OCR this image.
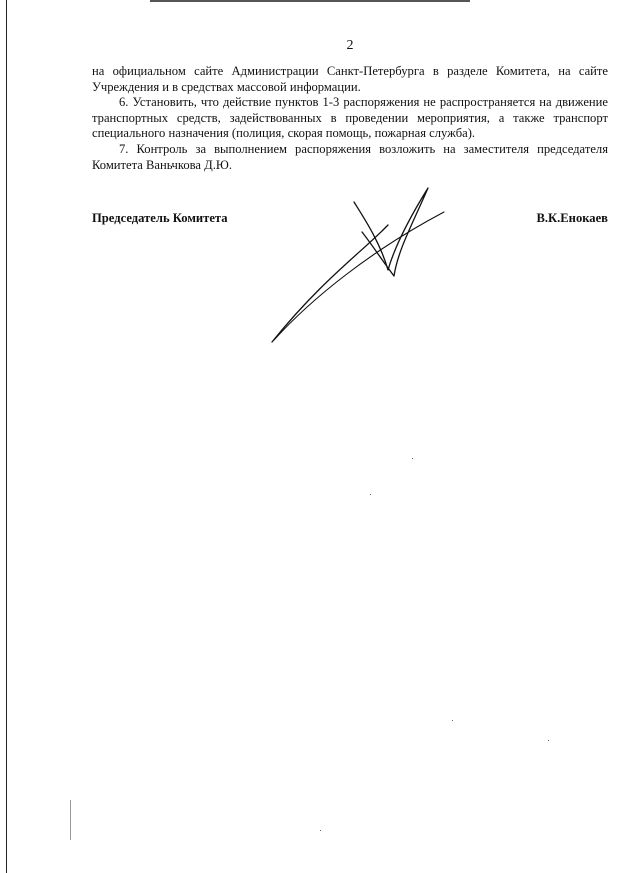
2

на официальном сайте Администрации Санкт-Петербурга в разделе Комитета, на сайте Учреждения и в средствах массовой информации.

6. Установить, что действие пунктов 1-3 распоряжения не распространяется на движение транспортных средств, задействованных в проведении мероприятия, а также транспорт специального назначения (полиция, скорая помощь, пожарная служба).

7. Контроль за выполнением распоряжения возложить на заместителя председателя Комитета Ваньчкова Д.Ю.

Председатель Комитета	В.К.Енокаев
